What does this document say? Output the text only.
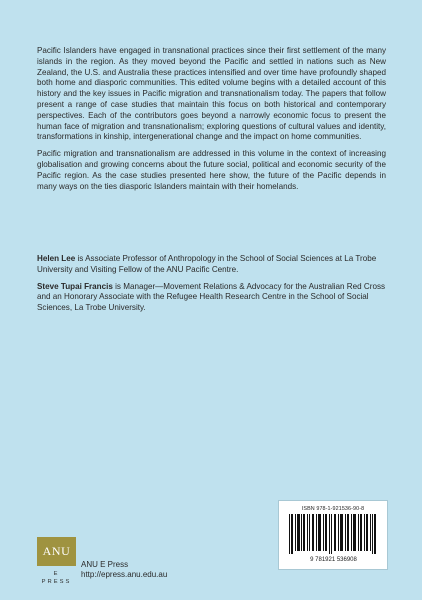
Pacific Islanders have engaged in transnational practices since their first settlement of the many islands in the region. As they moved beyond the Pacific and settled in nations such as New Zealand, the U.S. and Australia these practices intensified and over time have profoundly shaped both home and diasporic communities. This edited volume begins with a detailed account of this history and the key issues in Pacific migration and transnationalism today. The papers that follow present a range of case studies that maintain this focus on both historical and contemporary perspectives. Each of the contributors goes beyond a narrowly economic focus to present the human face of migration and transnationalism; exploring questions of cultural values and identity, transformations in kinship, intergenerational change and the impact on home communities.

Pacific migration and transnationalism are addressed in this volume in the context of increasing globalisation and growing concerns about the future social, political and economic security of the Pacific region. As the case studies presented here show, the future of the Pacific depends in many ways on the ties diasporic Islanders maintain with their homelands.

Helen Lee is Associate Professor of Anthropology in the School of Social Sciences at La Trobe University and Visiting Fellow of the ANU Pacific Centre.

Steve Tupai Francis is Manager—Movement Relations & Advocacy for the Australian Red Cross and an Honorary Associate with the Refugee Health Research Centre in the School of Social Sciences, La Trobe University.

ISBN 978-1-921536-90-8
9 781921 536908
ANU
E PRESS
ANU E Press
http://epress.anu.edu.au
